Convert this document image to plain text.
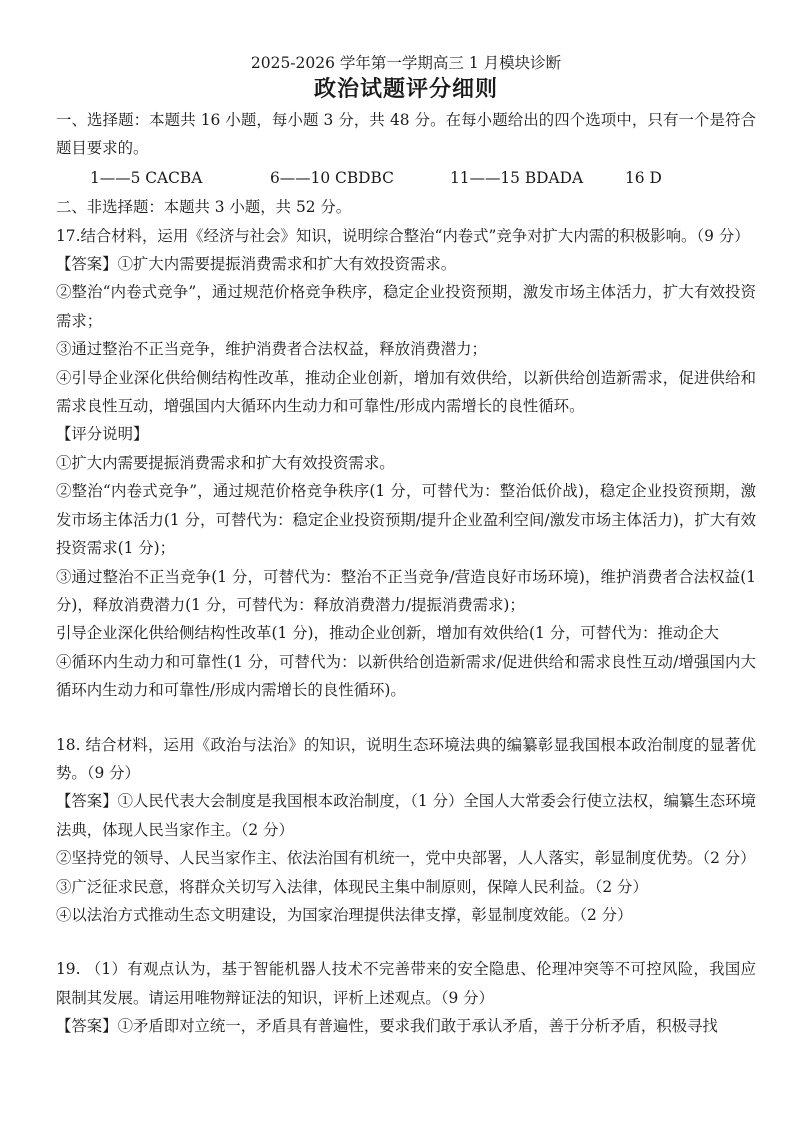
2025-2026 学年第一学期高三 1 月模块诊断

政治试题评分细则

一、选择题：本题共 16 小题，每小题 3 分，共 48 分。在每小题给出的四个选项中，只有一个是符合题目要求的。

1——5 CACBA	6——10 CBDBC	11——15 BDADA	16 D

二、非选择题：本题共 3 小题，共 52 分。

17.结合材料，运用《经济与社会》知识，说明综合整治“内卷式”竞争对扩大内需的积极影响。（9 分）

【答案】①扩大内需要提振消费需求和扩大有效投资需求。

②整治“内卷式竞争”，通过规范价格竞争秩序，稳定企业投资预期，激发市场主体活力，扩大有效投资需求；

③通过整治不正当竞争，维护消费者合法权益，释放消费潜力；

④引导企业深化供给侧结构性改革，推动企业创新，增加有效供给，以新供给创造新需求，促进供给和需求良性互动，增强国内大循环内生动力和可靠性/形成内需增长的良性循环。

【评分说明】

①扩大内需要提振消费需求和扩大有效投资需求。

②整治“内卷式竞争”，通过规范价格竞争秩序(1 分，可替代为：整治低价战)，稳定企业投资预期，激发市场主体活力(1 分，可替代为：稳定企业投资预期/提升企业盈利空间/激发市场主体活力)，扩大有效投资需求(1 分)；

③通过整治不正当竞争(1 分，可替代为：整治不正当竞争/营造良好市场环境)，维护消费者合法权益(1 分)，释放消费潜力(1 分，可替代为：释放消费潜力/提振消费需求)；

引导企业深化供给侧结构性改革(1 分)，推动企业创新，增加有效供给(1 分，可替代为：推动企大

④循环内生动力和可靠性(1 分，可替代为：以新供给创造新需求/促进供给和需求良性互动/增强国内大循环内生动力和可靠性/形成内需增长的良性循环)。

18. 结合材料，运用《政治与法治》的知识，说明生态环境法典的编纂彰显我国根本政治制度的显著优势。（9 分）

【答案】①人民代表大会制度是我国根本政治制度，（1 分）全国人大常委会行使立法权，编纂生态环境法典，体现人民当家作主。（2 分）

②坚持党的领导、人民当家作主、依法治国有机统一，党中央部署，人人落实，彰显制度优势。（2 分）

③广泛征求民意，将群众关切写入法律，体现民主集中制原则，保障人民利益。（2 分）

④以法治方式推动生态文明建设，为国家治理提供法律支撑，彰显制度效能。（2 分）

19. （1）有观点认为，基于智能机器人技术不完善带来的安全隐患、伦理冲突等不可控风险，我国应限制其发展。请运用唯物辩证法的知识，评析上述观点。（9 分）

【答案】①矛盾即对立统一，矛盾具有普遍性，要求我们敢于承认矛盾，善于分析矛盾，积极寻找
